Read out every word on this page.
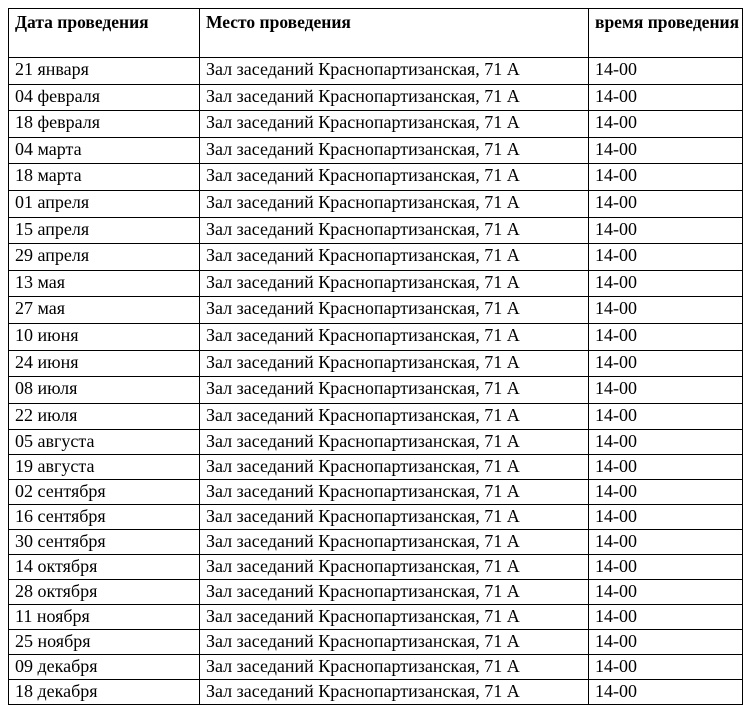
Дата проведения	Место проведения	время проведения
21 января	Зал заседаний Краснопартизанская, 71 А	14-00
04 февраля	Зал заседаний Краснопартизанская, 71 А	14-00
18 февраля	Зал заседаний Краснопартизанская, 71 А	14-00
04 марта	Зал заседаний Краснопартизанская, 71 А	14-00
18 марта	Зал заседаний Краснопартизанская, 71 А	14-00
01 апреля	Зал заседаний Краснопартизанская, 71 А	14-00
15 апреля	Зал заседаний Краснопартизанская, 71 А	14-00
29 апреля	Зал заседаний Краснопартизанская, 71 А	14-00
13 мая	Зал заседаний Краснопартизанская, 71 А	14-00
27 мая	Зал заседаний Краснопартизанская, 71 А	14-00
10 июня	Зал заседаний Краснопартизанская, 71 А	14-00
24 июня	Зал заседаний Краснопартизанская, 71 А	14-00
08 июля	Зал заседаний Краснопартизанская, 71 А	14-00
22 июля	Зал заседаний Краснопартизанская, 71 А	14-00
05 августа	Зал заседаний Краснопартизанская, 71 А	14-00
19 августа	Зал заседаний Краснопартизанская, 71 А	14-00
02 сентября	Зал заседаний Краснопартизанская, 71 А	14-00
16 сентября	Зал заседаний Краснопартизанская, 71 А	14-00
30 сентября	Зал заседаний Краснопартизанская, 71 А	14-00
14 октября	Зал заседаний Краснопартизанская, 71 А	14-00
28 октября	Зал заседаний Краснопартизанская, 71 А	14-00
11 ноября	Зал заседаний Краснопартизанская, 71 А	14-00
25 ноября	Зал заседаний Краснопартизанская, 71 А	14-00
09 декабря	Зал заседаний Краснопартизанская, 71 А	14-00
18 декабря	Зал заседаний Краснопартизанская, 71 А	14-00
